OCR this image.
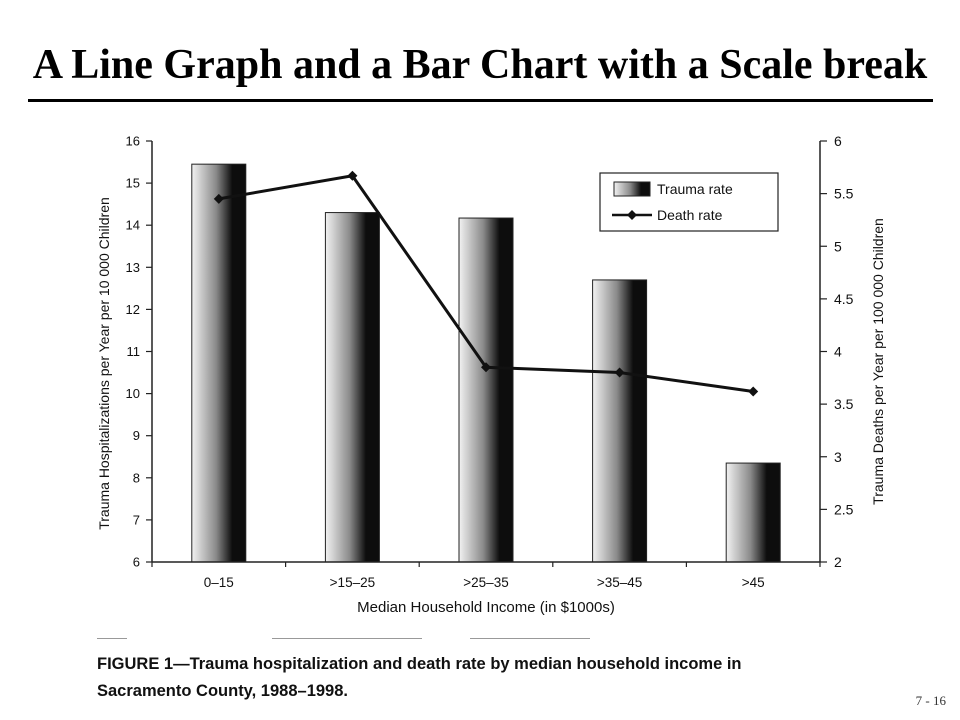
A Line Graph and a Bar Chart with a Scale break
6
7
8
9
10
11
12
13
14
15
16
2
2.5
3
3.5
4
4.5
5
5.5
6
0–15	>15–25	>25–35	>35–45	>45
Median Household Income (in $1000s)
Trauma Hospitalizations per Year per 10 000 Children	Trauma Deaths per Year per 100 000 Children
Trauma rate
Death rate
FIGURE 1—Trauma hospitalization and death rate by median household income in
Sacramento County, 1988–1998.
7 - 16
